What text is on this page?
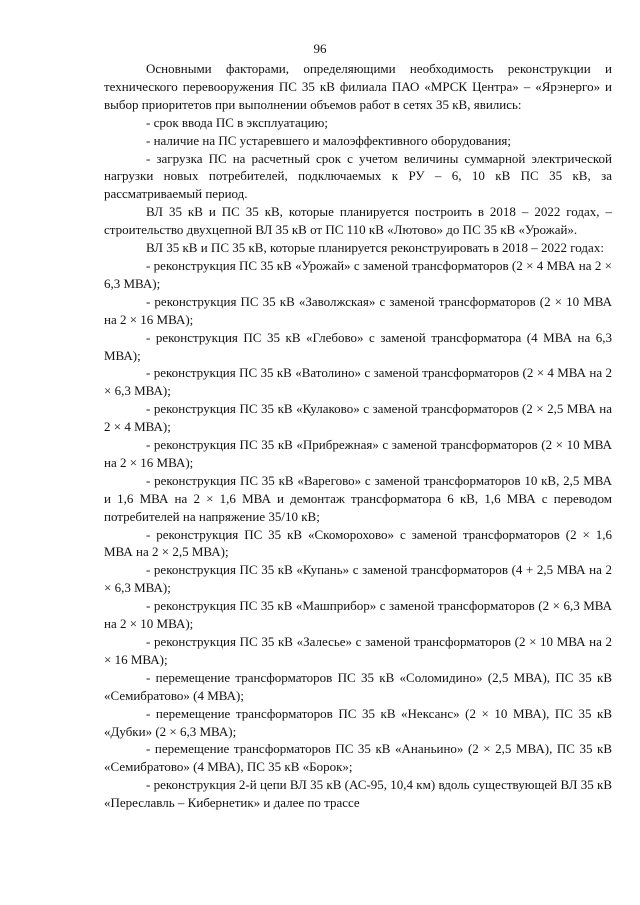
96

Основными факторами, определяющими необходимость реконструкции и технического перевооружения ПС 35 кВ филиала ПАО «МРСК Центра» – «Ярэнерго» и выбор приоритетов при выполнении объемов работ в сетях 35 кВ, явились:

- срок ввода ПС в эксплуатацию;

- наличие на ПС устаревшего и малоэффективного оборудования;

- загрузка ПС на расчетный срок с учетом величины суммарной электрической нагрузки новых потребителей, подключаемых к РУ – 6, 10 кВ ПС 35 кВ, за рассматриваемый период.

ВЛ 35 кВ и ПС 35 кВ, которые планируется построить в 2018 – 2022 годах, – строительство двухцепной ВЛ 35 кВ от ПС 110 кВ «Лютово» до ПС 35 кВ «Урожай».

ВЛ 35 кВ и ПС 35 кВ, которые планируется реконструировать в 2018 – 2022 годах:

- реконструкция ПС 35 кВ «Урожай» с заменой трансформаторов (2 × 4 МВА на 2 × 6,3 МВА);

- реконструкция ПС 35 кВ «Заволжская» с заменой трансформаторов (2 × 10 МВА на 2 × 16 МВА);

- реконструкция ПС 35 кВ «Глебово» с заменой трансформатора (4 МВА на 6,3 МВА);

- реконструкция ПС 35 кВ «Ватолино» с заменой трансформаторов (2 × 4 МВА на 2 × 6,3 МВА);

- реконструкция ПС 35 кВ «Кулаково» с заменой трансформаторов (2 × 2,5 МВА на 2 × 4 МВА);

- реконструкция ПС 35 кВ «Прибрежная» с заменой трансформаторов (2 × 10 МВА на 2 × 16 МВА);

- реконструкция ПС 35 кВ «Варегово» с заменой трансформаторов 10 кВ, 2,5 МВА и 1,6 МВА на 2 × 1,6 МВА и демонтаж трансформатора 6 кВ, 1,6 МВА с переводом потребителей на напряжение 35/10 кВ;

- реконструкция ПС 35 кВ «Скоморохово» с заменой трансформаторов (2 × 1,6 МВА на 2 × 2,5 МВА);

- реконструкция ПС 35 кВ «Купань» с заменой трансформаторов (4 + 2,5 МВА на 2 × 6,3 МВА);

- реконструкция ПС 35 кВ «Машприбор» с заменой трансформаторов (2 × 6,3 МВА на 2 × 10 МВА);

- реконструкция ПС 35 кВ «Залесье» с заменой трансформаторов (2 × 10 МВА на 2 × 16 МВА);

- перемещение трансформаторов ПС 35 кВ «Соломидино» (2,5 МВА), ПС 35 кВ «Семибратово» (4 МВА);

- перемещение трансформаторов ПС 35 кВ «Нексанс» (2 × 10 МВА), ПС 35 кВ «Дубки» (2 × 6,3 МВА);

- перемещение трансформаторов ПС 35 кВ «Ананьино» (2 × 2,5 МВА), ПС 35 кВ «Семибратово» (4 МВА), ПС 35 кВ «Борок»;

- реконструкция 2-й цепи ВЛ 35 кВ (АС-95, 10,4 км) вдоль существующей ВЛ 35 кВ «Переславль – Кибернетик» и далее по трассе
